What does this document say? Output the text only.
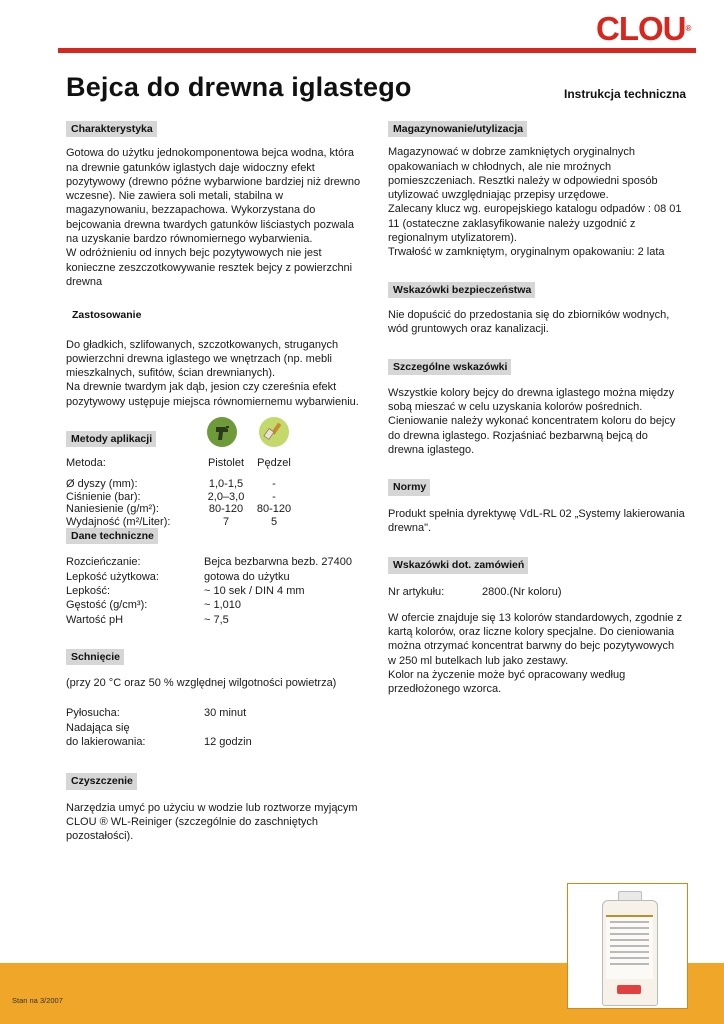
CLOU®
Bejca do drewna iglastego	Instrukcja techniczna
Charakterystyka

Gotowa do użytku jednokomponentowa bejca wodna, która

na drewnie gatunków iglastych daje widoczny efekt

pozytywowy (drewno późne wybarwione bardziej niż drewno

wczesne). Nie zawiera soli metali, stabilna w

magazynowaniu, bezzapachowa. Wykorzystana do

bejcowania drewna twardych gatunków liściastych pozwala

na uzyskanie bardzo równomiernego wybarwienia.

W odróżnieniu od innych bejc pozytywowych nie jest

konieczne zeszczotkowywanie resztek bejcy z powierzchni

drewna

Zastosowanie

Do gładkich, szlifowanych, szczotkowanych, struganych

powierzchni drewna iglastego we wnętrzach (np. mebli

mieszkalnych, sufitów, ścian drewnianych).

Na drewnie twardym jak dąb, jesion czy czereśnia efekt

pozytywowy ustępuje miejsca równomiernemu wybarwieniu.

Metody aplikacji
Metoda:	Pistolet	Pędzel
Ø dyszy (mm):	1,0-1,5	-
Ciśnienie (bar):	2,0–3,0	-
Naniesienie (g/m²):	80-120	80-120
Wydajność (m²/Liter):	7	5
Dane techniczne
Rozcieńczanie:	Bejca bezbarwna bezb. 27400
Lepkość użytkowa:	gotowa do użytku
Lepkość:	~ 10 sek / DIN 4 mm
Gęstość (g/cm³):	~ 1,010
Wartość pH	~ 7,5
Schnięcie

(przy 20 °C oraz 50 % względnej wilgotności powietrza)

Pyłosucha:	30 minut
Nadająca się
do lakierowania:	12 godzin
Czyszczenie

Narzędzia umyć po użyciu w wodzie lub roztworze myjącym

CLOU ® WL-Reiniger (szczególnie do zaschniętych

pozostałości).

Magazynowanie/utylizacja

Magazynować w dobrze zamkniętych oryginalnych

opakowaniach w chłodnych, ale nie mroźnych

pomieszczeniach. Resztki należy w odpowiedni sposób

utylizować uwzględniając przepisy urzędowe.

Zalecany klucz wg. europejskiego katalogu odpadów : 08 01

11 (ostateczne zaklasyfikowanie należy uzgodnić z

regionalnym utylizatorem).

Trwałość w zamkniętym, oryginalnym opakowaniu: 2 lata

Wskazówki bezpieczeństwa

Nie dopuścić do przedostania się do zbiorników wodnych,

wód gruntowych oraz kanalizacji.

Szczególne wskazówki

Wszystkie kolory bejcy do drewna iglastego można między

sobą mieszać w celu uzyskania kolorów pośrednich.

Cieniowanie należy wykonać koncentratem koloru do bejcy

do drewna iglastego. Rozjaśniać bezbarwną bejcą do

drewna iglastego.

Normy

Produkt spełnia dyrektywę VdL-RL 02 „Systemy lakierowania

drewna".

Wskazówki dot. zamówień
Nr artykułu:	2800.(Nr koloru)

W ofercie znajduje się 13 kolorów standardowych, zgodnie z

kartą kolorów, oraz liczne kolory specjalne. Do cieniowania

można otrzymać koncentrat barwny do bejc pozytywowych

w 250 ml butelkach lub jako zestawy.

Kolor na życzenie może być opracowany według

przedłożonego wzorca.

Stan na 3/2007
